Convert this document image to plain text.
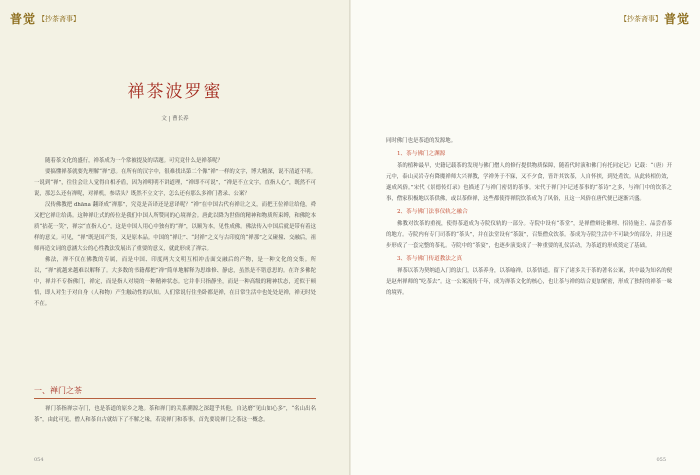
普觉 【抄茶斋事】
禅茶波罗蜜
文 | 曹长养

随着茶文化的盛行，禅茶成为一个常被提及的话题。可究竟什么是禅茶呢？

要搞懂禅茶就要先理解“禅”意。在所有的汉字中，很难找出第二个像“禅”一样的文字，博大精深，说不清道不明。一说到“禅”，往往会让人觉得自相矛盾，因为禅明明不讲道理，“禅即不可说”，“禅是不立文字，直指人心”，既然不可说，那怎么还有禅呢，对禅机，参话头？既然不立文字，怎么还有那么多禅门著录、公案？

汉传佛教把 dhāna 翻译成“禅那”，究竟是音译还是意译呢？“禅”在中国古代有禅让之义，而把王位禅让给他，舜又把它禅让给禹。这种禅让式的传位是我们中国人所赞同的心境禅会。唐此以降为世俗的精神和物质所束缚，和佛陀本质“拈花一笑”，禅宗“直指人心”，这是中国人用心中独有的“禅”，以顺为本，见性成佛。佛法传入中国后就是带有着这样的意义。可见，“禅”既是国产货，又是原本品。中国的“禅让”、“封禅”之义与古印度的“禅那”之义碰撞、交融后，祖师再造文词的意涵大公的心性教法发展出了重要的意义，就此形成了禅宗。

佛法，禅不仅在佛教的专属，而是中国、印度两大文明互相冲击面交融后的产物，是一种文化的交集。所以，“禅”就越来越难以解释了。大多数的书籍都把“禅”简单地解释为思维修、静虑，虽然是不错意思的。在许多佛陀中，禅并不专指佛门，禅定，而是指人对境的一种精神状态。它并非只指静坐，而是一种高级的精神状态，近似于顿悟，即人对生于对自身（人和物）产生触动性的认知。人们常说行住坐卧都是禅，在日常生活中也处处是禅，禅无时处不在。

一、禅门之茶

禅门茶指禅宗寺门，也是茶道的原乡之地。茶和禅门的关系溯源之深超乎其他，自达磨“见山如心多”，“名山出名茶”，由此可见，僧人和茶自古就结下了不解之缘，若说禅门和茶事，首先要说禅门之茶这一概念。

054
【抄茶斋事】 普觉

同时佛门也是茶道的发源地。

1、茶与佛门之渊源

茶的植种最早，史籍记载茶的发现与佛门僧人的修行提供物质保障，随着代时演和佛门有托同定记）记载：“（唐）开元中，泰山灵岩寺有降魔禅师大兴禅教，学禅务于不寐，又不夕食，皆许其饮茶，人自怀挟，到处煮饮。从此转相仿效，遂成风俗。”宋代《景德传灯录》也描述了与禅门密切的茶事。宋代于禅门中记述茶事的“茶诗”之多，与禅门中的饮茶之事，僧家积极地以茶供佛，或以茶修禅，这些都使得禅院饮茶成为了风俗，且这一风俗在唐代便已逐渐兴盛。

2、茶与佛门法事仪轨之融合

佛教对饮茶的重视，使得茶道成为寺院仪轨的一部分。寺院中设有“茶堂”，是禅僧辩论佛理、招待施主、品尝香茶的地方。寺院内有专门司茶的“茶头”，并在法堂设有“茶鼓”，召集僧众饮茶。茶成为寺院生活中不可缺少的部分，并且逐步形成了一套完整的茶礼。寺院中的“茶宴”，也逐步演变成了一种重要的礼仪活动，为茶道的形成奠定了基础。

3、茶与佛门传道教法之真

禅茶以茶为契纳道入门的法门，以茶养身，以茶喻禅，以茶悟道。留下了诸多关于茶的著名公案，其中最为知名的便是赵州禅师的“吃茶去”。这一公案流传千年，成为禅茶文化的核心，也让茶与禅的结合更加紧密，形成了独特的禅茶一味的境界。

055
